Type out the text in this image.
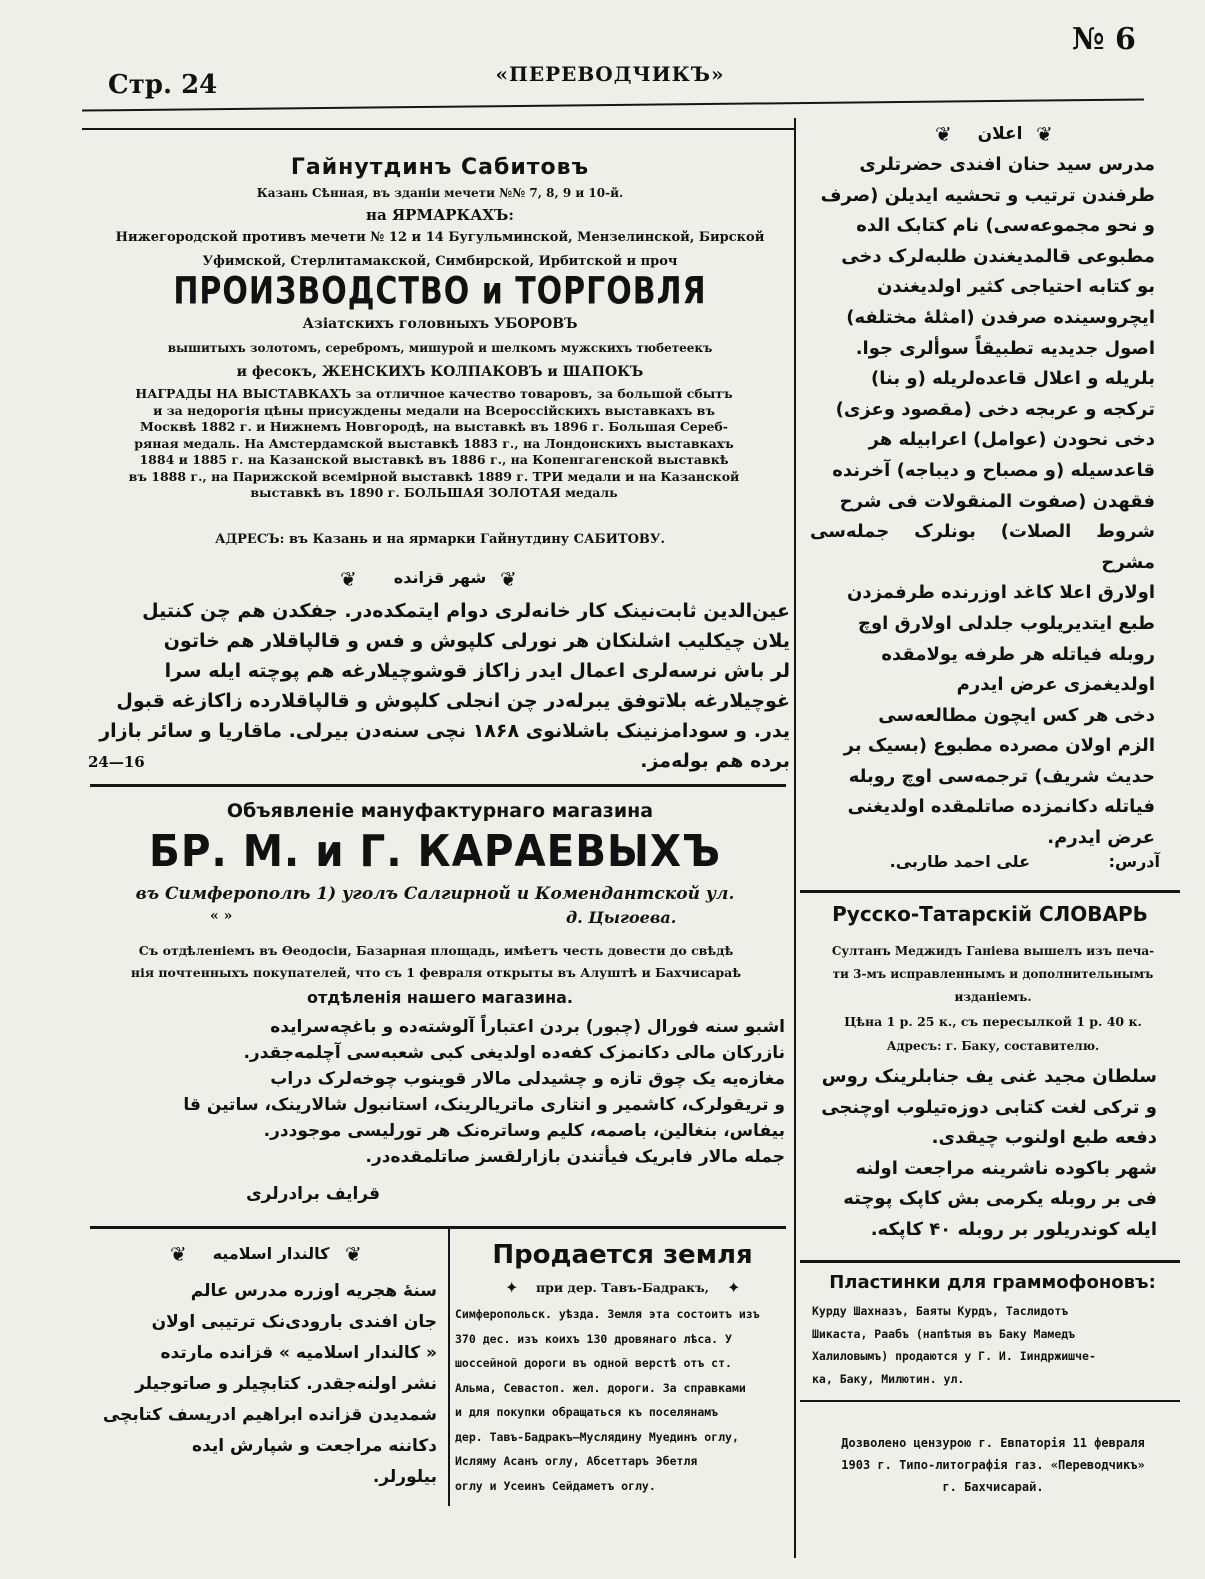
Стр. 24	«ПЕРЕВОДЧИКЪ»
№ 6
Гайнутдинъ Сабитовъ
Казань Сѣнная, въ зданіи мечети №№ 7, 8, 9 и 10-й.
на ЯРМАРКАХЪ:
Нижегородской противъ мечети № 12 и 14 Бугульминской, Мензелинской, Бирской
Уфимской, Стерлитамакской, Симбирской, Ирбитской и проч
ПРОИЗВОДСТВО и ТОРГОВЛЯ
Азіатскихъ головныхъ УБОРОВЪ
вышитыхъ золотомъ, серебромъ, мишурой и шелкомъ мужскихъ тюбетеекъ
и фесокъ, ЖЕНСКИХЪ КОЛПАКОВЪ и ШАПОКЪ
НАГРАДЫ НА ВЫСТАВКАХЪ за отличное качество товаровъ, за большой сбытъ
и за недорогія цѣны присуждены медали на Всероссійскихъ выставкахъ въ
Москвѣ 1882 г. и Нижнемъ Новгородѣ, на выставкѣ въ 1896 г. Большая Сереб-
ряная медаль. На Амстердамской выставкѣ 1883 г., на Лондонскихъ выставкахъ
1884 и 1885 г. на Казанской выставкѣ въ 1886 г., на Копенгагенской выставкѣ
въ 1888 г., на Парижской всемірной выставкѣ 1889 г. ТРИ медали и на Казанской
выставкѣ въ 1890 г. БОЛЬШАЯ ЗОЛОТАЯ медаль
АДРЕСЪ: въ Казань и на ярмарки Гайнутдину САБИТОВУ.
❦	شهر قزانده ❦
عین‌الدین ثابت‌نینک کار خانه‌لری دوام ایتمکده‌در. جفکدن هم چن کنتیل
یلان چیکلیب اشلنکان هر نورلی کلپوش و فس و قالپاقلار هم خاتون
لر باش نرسه‌لری اعمال ایدر زاکاز قوشوچیلارغه هم پوچته ایله سرا
غوچیلارغه بلاتوفق یبرله‌در چن انجلی کلپوش و قالپاقلارده زاکازغه قبول
یدر. و سودامزنینک باشلانوی ۱۸۶۸ نچی سنه‌دن بیرلی. ماقاریا و سائر بازار
برده هم بوله‌مز.
24—16
Объявленіе мануфактурнаго магазина
БР. М. и Г. КАРАЕВЫХЪ
въ Симферополѣ 1) уголъ Салгирной и Комендантской ул.
« »	д. Цыгоева.
Съ отдѣленіемъ въ Ѳеодосіи, Базарная площадь, имѣетъ честь довести до свѣдѣ
нія почтенныхъ покупателей, что съ 1 февраля открыты въ Алуштѣ и Бахчисараѣ
отдѣленія нашего магазина.
اشبو سنه فورال (چبور) بردن اعتباراً آلوشته‌ده و باغچه‌سرایده
نازرکان مالی دکانمزک کفه‌ده اولدیغی کبی شعبه‌سی آچلمه‌جقدر.
مغازه‌یه یک چوق تازه و چشیدلی مالار قوینوب چوخه‌لرک دراب
و تریقولرک، کاشمیر و انتاری ماتریالرینک، استانبول شالارینک، ساتین قا
بیفاس، بنغالین، باصمه، کلیم وساتره‌نک هر تورلیسی موجوددر.
جمله مالار فابریک فیأتندن بازارلقسز صاتلمقده‌در.
قرایف برادرلری
❦	کالندار اسلامیه ❦
سنهٔ هجریه اوزره مدرس عالم
جان افندی بارودی‌نک ترتیبی اولان
« کالندار اسلامیه » قزانده مارتده
نشر اولنه‌جقدر. کتابچیلر و صاتوجیلر
شمدیدن قزانده ابراهیم ادریسف کتابچی
دکاننه مراجعت و شپارش ایده
بیلورلر.
Продается земля
✦	при дер. Тавъ-Бадракъ,	✦
Симферопольск. уѣзда. Земля эта состоитъ изъ
370 дес. изъ коихъ 130 дровянаго лѣса. У
шоссейной дороги въ одной верстѣ отъ ст.
Альма, Севастоп. жел. дороги. За справками
и для покупки обращаться къ поселянамъ
дер. Тавъ-Бадракъ—Муслядину Муединъ оглу,
Исляму Асанъ оглу, Абсеттаръ Эбетля
оглу и Усеинъ Сейдаметъ оглу.
❦	اعلان ❦
مدرس سید حنان افندی حضرتلری
طرفندن ترتیب و تحشیه ایدیلن (صرف
و نحو مجموعه‌سی) نام کتابک الده
مطبوعی قالمدیغندن طلبه‌لرک دخی
بو کتابه احتیاجی کثیر اولدیغندن
ایچروسینده صرفدن (امثلهٔ مختلفه)
اصول جدیدیه تطبیقاً سوألری جوا.
بلریله و اعلال قاعده‌لریله (و بنا)
ترکجه و عربجه دخی (مقصود وعزی)
دخی نحودن (عوامل) اعرابیله هر
قاعدسیله (و مصباح و دیباجه) آخرنده
فقهدن (صفوت المنقولات فی شرح
شروط الصلات) بونلرک جمله‌سی مشرح
اولارق اعلا کاغد اوزرنده طرفمزدن
طبع ایتدیریلوب جلدلی اولارق اوچ
روبله فیاتله هر طرفه یولامقده
اولدیغمزی عرض ایدرم
دخی هر کس ایچون مطالعه‌سی
الزم اولان مصرده مطبوع (بسیک بر
حدیث شریف) ترجمه‌سی اوچ روبله
فیاتله دکانمزده صاتلمقده اولدیغنی
عرض ایدرم.
آدرس:
علی احمد طاربی.
Русско-Татарскій СЛОВАРЬ
Султанъ Меджидъ Ганіева вышелъ изъ печа-
ти 3-мъ исправленнымъ и дополнительнымъ
изданіемъ.
Цѣна 1 р. 25 к., съ пересылкой 1 р. 40 к.
Адресъ: г. Баку, составителю.
سلطان مجید غنی یف جنابلرینک روس
و ترکی لغت کتابی دوزه‌تیلوب اوچنجی
دفعه طبع اولنوب چیقدی.
شهر باکوده ناشرینه مراجعت اولنه
فی بر روبله یکرمی بش کاپک پوچته
ایله کوندریلور بر روبله ۴۰ کاپکه.
Пластинки для граммофоновъ:
Курду Шахназъ, Баяты Курдъ, Таслидотъ
Шикаста, Раабъ (напѣтыя въ Баку Мамедъ
Халиловымъ) продаются у Г. И. Іиндржишче-
ка, Баку, Милютин. ул.
Дозволено цензурою г. Евпаторія 11 февраля
1903 г. Типо-литографія газ. «Переводчикъ»
г. Бахчисарай.
